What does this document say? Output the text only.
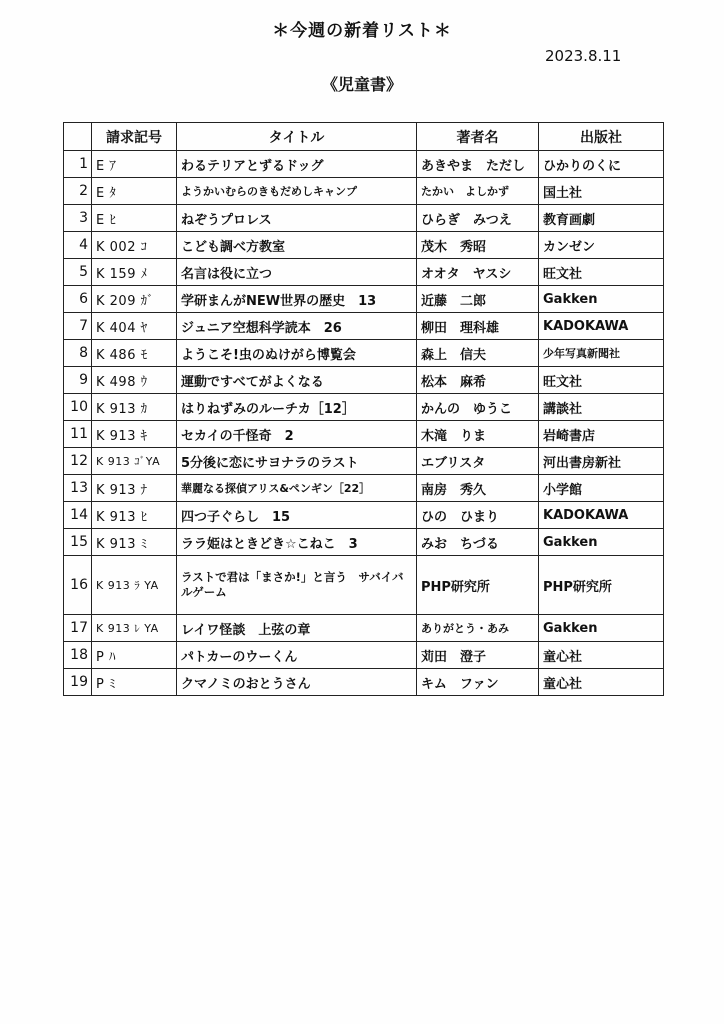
＊今週の新着リスト＊
2023.8.11
《児童書》
	請求記号	タイトル	著者名	出版社
1	E ｱ	わるテリアとずるドッグ	あきやま　ただし	ひかりのくに
2	E ﾀ	ようかいむらのきもだめしキャンプ	たかい　よしかず	国土社
3	E ﾋ	ねぞうプロレス	ひらぎ　みつえ	教育画劇
4	K 002 ｺ	こども調べ方教室	茂木　秀昭	カンゼン
5	K 159 ﾒ	名言は役に立つ	オオタ　ヤスシ	旺文社
6	K 209 ｶﾞ	学研まんがNEW世界の歴史　13	近藤　二郎	Gakken
7	K 404 ﾔ	ジュニア空想科学読本　26	柳田　理科雄	KADOKAWA
8	K 486 ﾓ	ようこそ!虫のぬけがら博覧会	森上　信夫	少年写真新聞社
9	K 498 ｳ	運動ですべてがよくなる	松本　麻希	旺文社
10	K 913 ｶ	はりねずみのルーチカ［12］	かんの　ゆうこ	講談社
11	K 913 ｷ	セカイの千怪奇　2	木滝　りま	岩崎書店
12	K 913 ｺﾞYA	5分後に恋にサヨナラのラスト	エブリスタ	河出書房新社
13	K 913 ﾅ	華麗なる探偵アリス&ペンギン［22］	南房　秀久	小学館
14	K 913 ﾋ	四つ子ぐらし　15	ひの　ひまり	KADOKAWA
15	K 913 ﾐ	ララ姫はときどき☆こねこ　3	みお　ちづる	Gakken
16	K 913 ﾗ YA	ラストで君は「まさか!」と言う　サバイバルゲーム	PHP研究所	PHP研究所
17	K 913 ﾚ YA	レイワ怪談　上弦の章	ありがとう・あみ	Gakken
18	P ﾊ	パトカーのウーくん	苅田　澄子	童心社
19	P ﾐ	クマノミのおとうさん	キム　ファン	童心社
